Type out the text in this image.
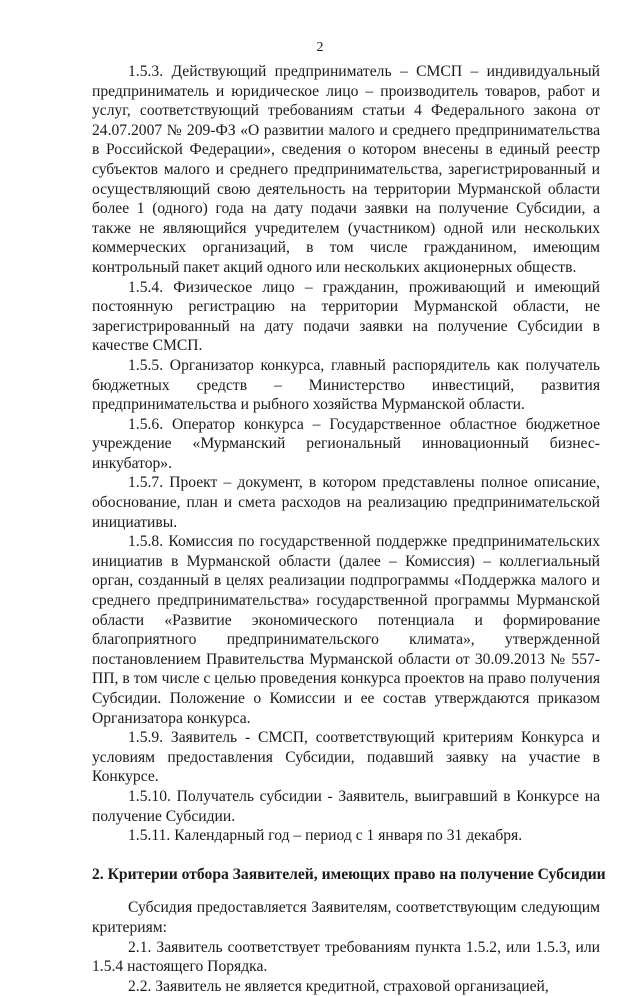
2

1.5.3. Действующий предприниматель – СМСП – индивидуальный предприниматель и юридическое лицо – производитель товаров, работ и услуг, соответствующий требованиям статьи 4 Федерального закона от 24.07.2007 № 209-ФЗ «О развитии малого и среднего предпринимательства в Российской Федерации», сведения о котором внесены в единый реестр субъектов малого и среднего предпринимательства, зарегистрированный и осуществляющий свою деятельность на территории Мурманской области более 1 (одного) года на дату подачи заявки на получение Субсидии, а также не являющийся учредителем (участником) одной или нескольких коммерческих организаций, в том числе гражданином, имеющим контрольный пакет акций одного или нескольких акционерных обществ.

1.5.4. Физическое лицо – гражданин, проживающий и имеющий постоянную регистрацию на территории Мурманской области, не зарегистрированный на дату подачи заявки на получение Субсидии в качестве СМСП.

1.5.5. Организатор конкурса, главный распорядитель как получатель бюджетных средств – Министерство инвестиций, развития предпринимательства и рыбного хозяйства Мурманской области.

1.5.6. Оператор конкурса – Государственное областное бюджетное учреждение «Мурманский региональный инновационный бизнес-инкубатор».

1.5.7. Проект – документ, в котором представлены полное описание, обоснование, план и смета расходов на реализацию предпринимательской инициативы.

1.5.8. Комиссия по государственной поддержке предпринимательских инициатив в Мурманской области (далее – Комиссия) – коллегиальный орган, созданный в целях реализации подпрограммы «Поддержка малого и среднего предпринимательства» государственной программы Мурманской области «Развитие экономического потенциала и формирование благоприятного предпринимательского климата», утвержденной постановлением Правительства Мурманской области от 30.09.2013 № 557-ПП, в том числе с целью проведения конкурса проектов на право получения Субсидии. Положение о Комиссии и ее состав утверждаются приказом Организатора конкурса.

1.5.9. Заявитель - СМСП, соответствующий критериям Конкурса и условиям предоставления Субсидии, подавший заявку на участие в Конкурсе.

1.5.10. Получатель субсидии - Заявитель, выигравший в Конкурсе на получение Субсидии.

1.5.11. Календарный год – период с 1 января по 31 декабря.

2. Критерии отбора Заявителей, имеющих право на получение Субсидии

Субсидия предоставляется Заявителям, соответствующим следующим критериям:

2.1. Заявитель соответствует требованиям пункта 1.5.2, или 1.5.3, или 1.5.4 настоящего Порядка.

2.2. Заявитель не является кредитной, страховой организацией,
